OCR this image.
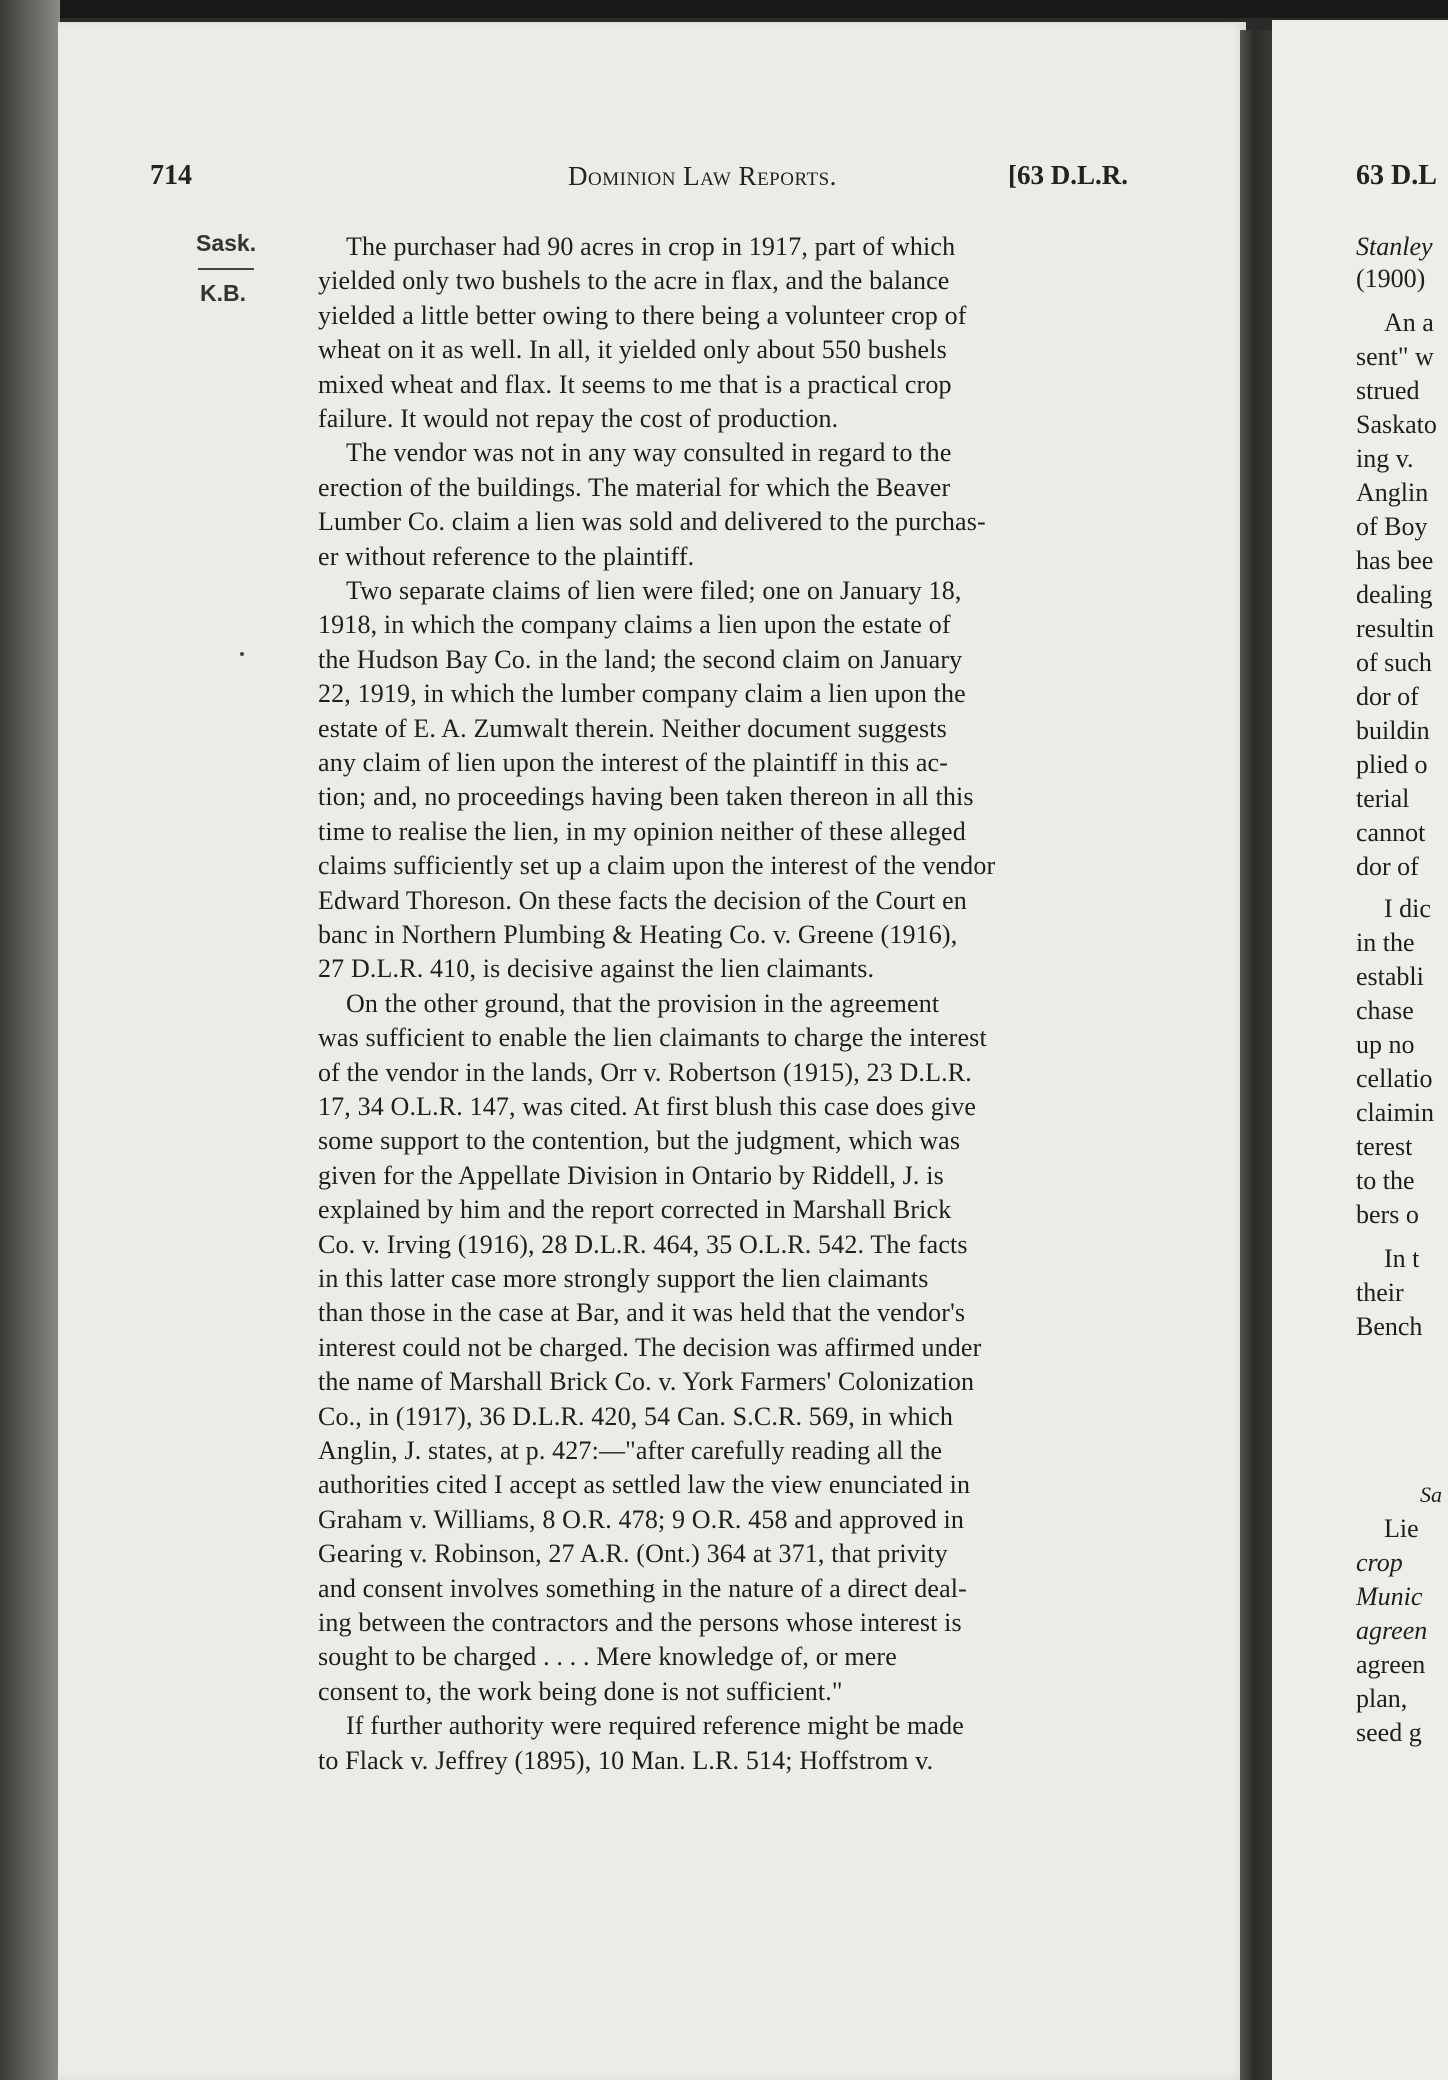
714	Dominion Law Reports.	[63 D.L.R.
Sask.
K.B.
The purchaser had 90 acres in crop in 1917, part of which
yielded only two bushels to the acre in flax, and the balance
yielded a little better owing to there being a volunteer crop of
wheat on it as well. In all, it yielded only about 550 bushels
mixed wheat and flax. It seems to me that is a practical crop
failure. It would not repay the cost of production.
The vendor was not in any way consulted in regard to the
erection of the buildings. The material for which the Beaver
Lumber Co. claim a lien was sold and delivered to the purchas-
er without reference to the plaintiff.
Two separate claims of lien were filed; one on January 18,
1918, in which the company claims a lien upon the estate of
the Hudson Bay Co. in the land; the second claim on January
22, 1919, in which the lumber company claim a lien upon the
estate of E. A. Zumwalt therein. Neither document suggests
any claim of lien upon the interest of the plaintiff in this ac-
tion; and, no proceedings having been taken thereon in all this
time to realise the lien, in my opinion neither of these alleged
claims sufficiently set up a claim upon the interest of the vendor
Edward Thoreson. On these facts the decision of the Court en
banc in Northern Plumbing & Heating Co. v. Greene (1916),
27 D.L.R. 410, is decisive against the lien claimants.
On the other ground, that the provision in the agreement
was sufficient to enable the lien claimants to charge the interest
of the vendor in the lands, Orr v. Robertson (1915), 23 D.L.R.
17, 34 O.L.R. 147, was cited. At first blush this case does give
some support to the contention, but the judgment, which was
given for the Appellate Division in Ontario by Riddell, J. is
explained by him and the report corrected in Marshall Brick
Co. v. Irving (1916), 28 D.L.R. 464, 35 O.L.R. 542. The facts
in this latter case more strongly support the lien claimants
than those in the case at Bar, and it was held that the vendor's
interest could not be charged. The decision was affirmed under
the name of Marshall Brick Co. v. York Farmers' Colonization
Co., in (1917), 36 D.L.R. 420, 54 Can. S.C.R. 569, in which
Anglin, J. states, at p. 427:—"after carefully reading all the
authorities cited I accept as settled law the view enunciated in
Graham v. Williams, 8 O.R. 478; 9 O.R. 458 and approved in
Gearing v. Robinson, 27 A.R. (Ont.) 364 at 371, that privity
and consent involves something in the nature of a direct deal-
ing between the contractors and the persons whose interest is
sought to be charged . . . . Mere knowledge of, or mere
consent to, the work being done is not sufficient."
If further authority were required reference might be made
to Flack v. Jeffrey (1895), 10 Man. L.R. 514; Hoffstrom v.
63 D.L
Stanley
(1900)
An a
sent" w
strued
Saskato
ing v.
Anglin
of Boy
has bee
dealing
resultin
of such
dor of
buildin
plied o
terial
cannot
dor of
I dic
in the
establi
chase
up no
cellatio
claimin
terest
to the
bers o
In t
their
Bench
Sa
Lie
crop
Munic
agreen
agreen
plan,
seed g
